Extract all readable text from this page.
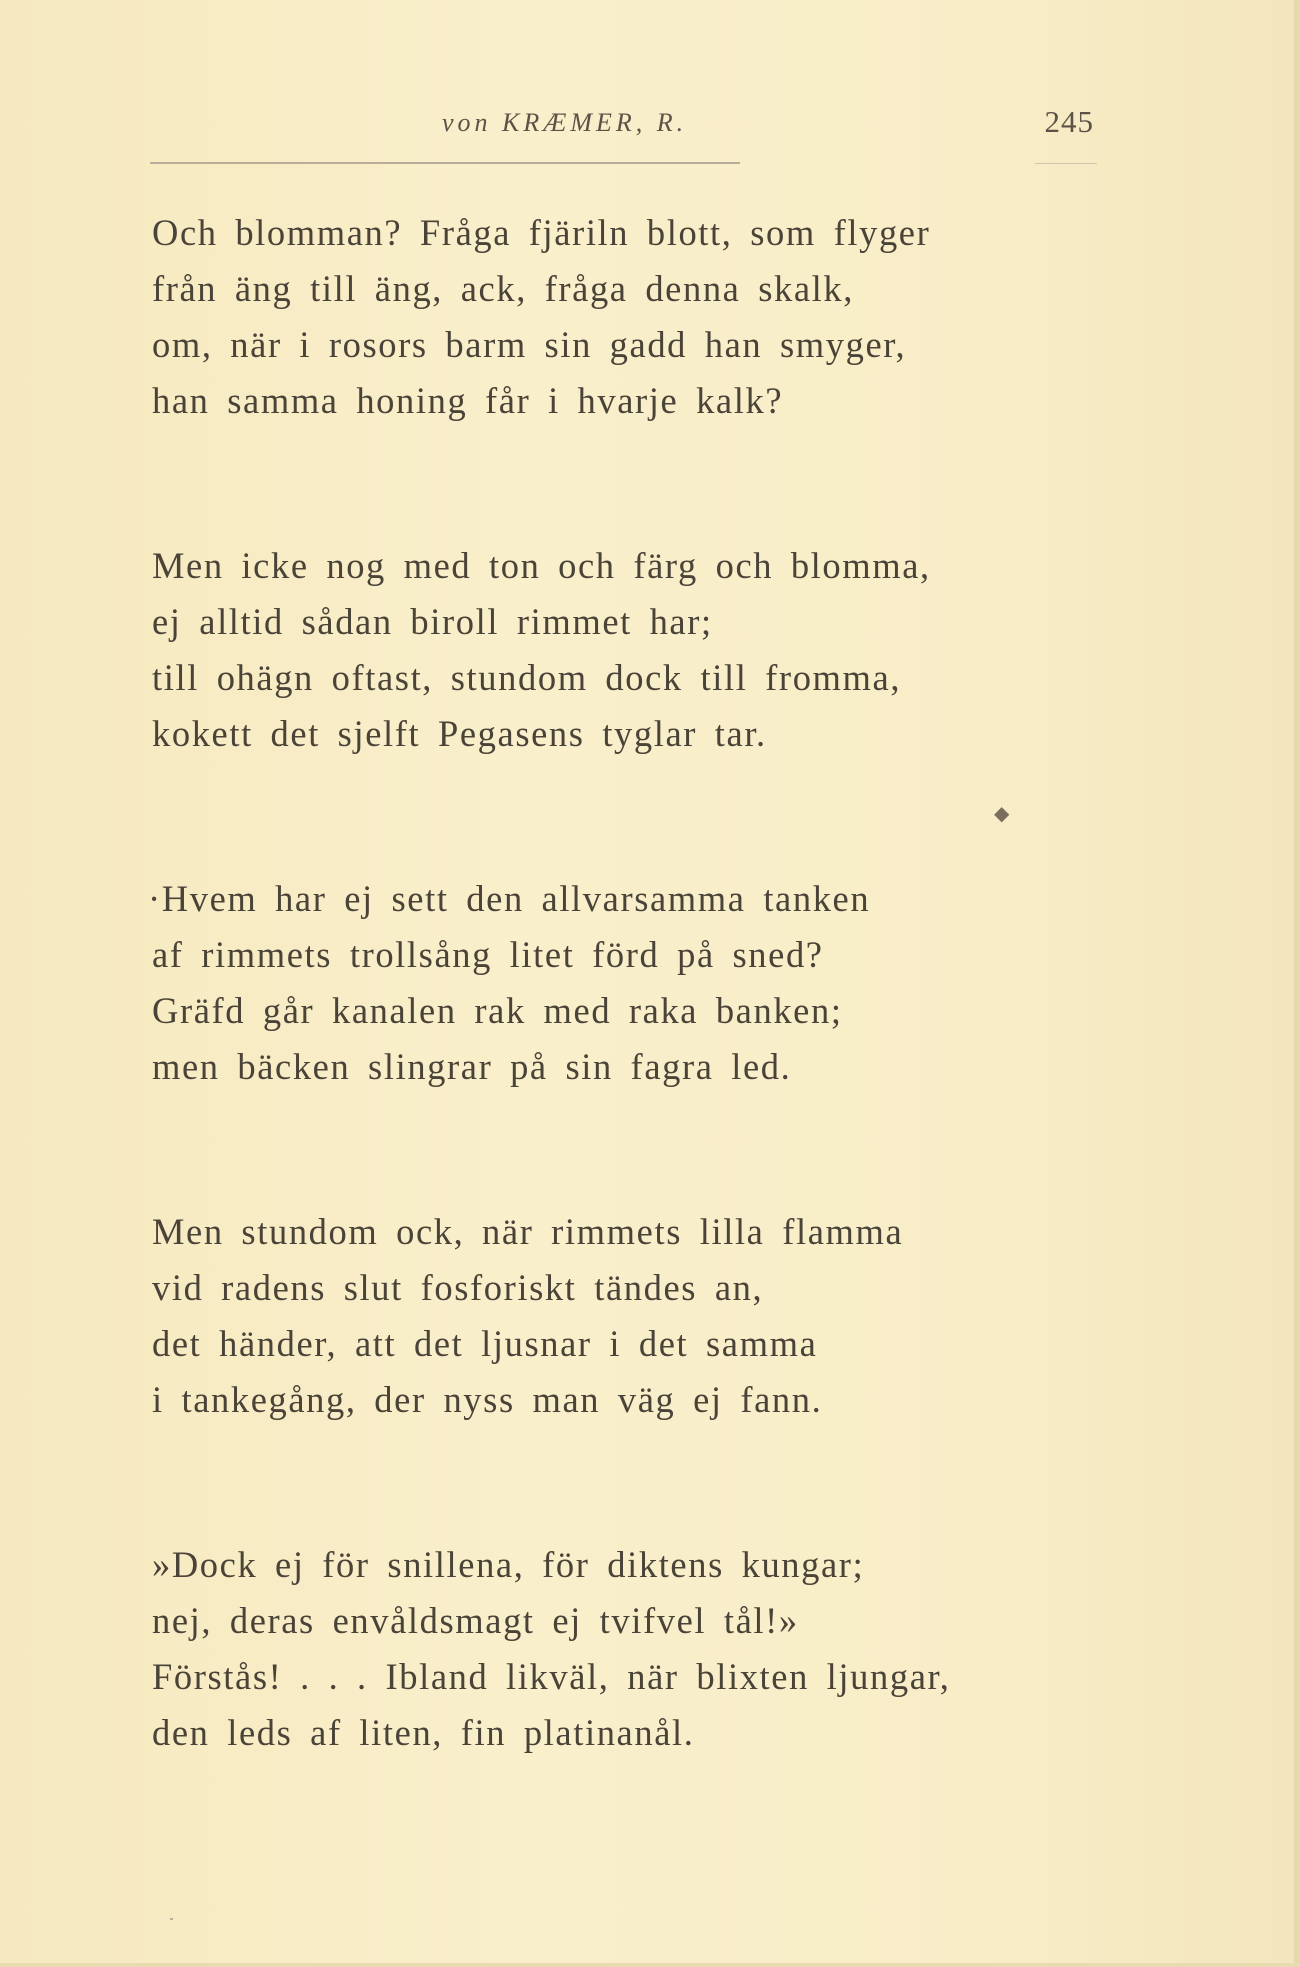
von KRÆMER, R.	245
Och blomman? Fråga fjäriln blott, som flyger
från äng till äng, ack, fråga denna skalk,
om, när i rosors barm sin gadd han smyger,
han samma honing får i hvarje kalk?
Men icke nog med ton och färg och blomma,
ej alltid sådan biroll rimmet har;
till ohägn oftast, stundom dock till fromma,
kokett det sjelft Pegasens tyglar tar.
·Hvem har ej sett den allvarsamma tanken
af rimmets trollsång litet förd på sned?
Gräfd går kanalen rak med raka banken;
men bäcken slingrar på sin fagra led.
Men stundom ock, när rimmets lilla flamma
vid radens slut fosforiskt tändes an,
det händer, att det ljusnar i det samma
i tankegång, der nyss man väg ej fann.
»Dock ej för snillena, för diktens kungar;
nej, deras envåldsmagt ej tvifvel tål!»
Förstås! . . . Ibland likväl, när blixten ljungar,
den leds af liten, fin platinanål.
◆
